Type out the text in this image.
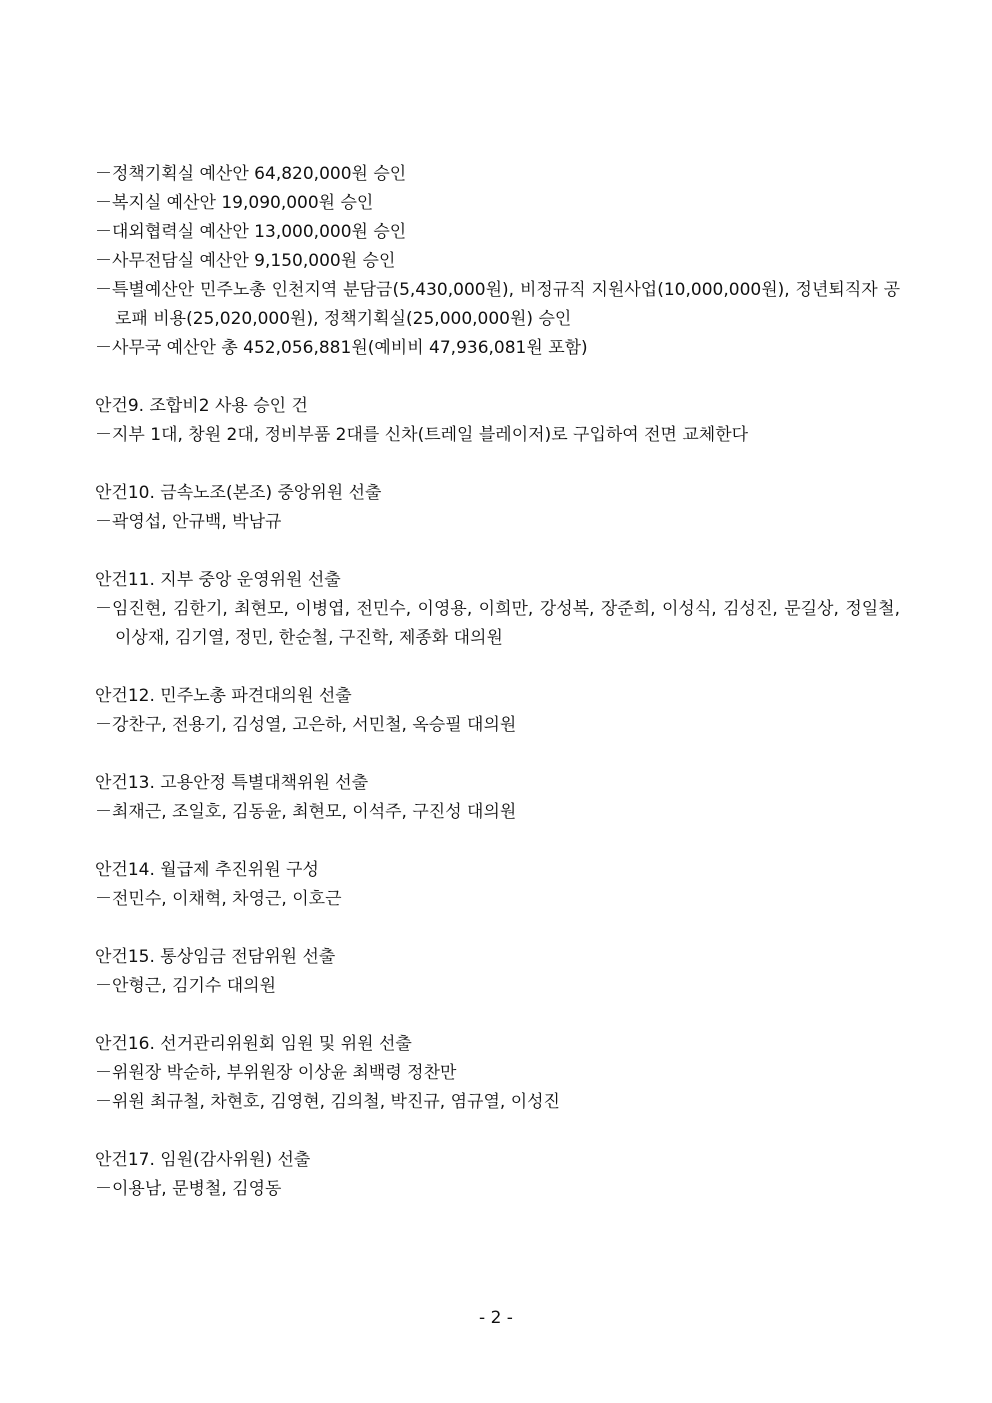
－정책기획실 예산안 64,820,000원 승인

－복지실 예산안 19,090,000원 승인

－대외협력실 예산안 13,000,000원 승인

－사무전담실 예산안 9,150,000원 승인

－특별예산안 민주노총 인천지역 분담금(5,430,000원), 비정규직 지원사업(10,000,000원), 정년퇴직자 공로패 비용(25,020,000원), 정책기획실(25,000,000원) 승인

－사무국 예산안 총 452,056,881원(예비비 47,936,081원 포함)

안건9. 조합비2 사용 승인 건

－지부 1대, 창원 2대, 정비부품 2대를 신차(트레일 블레이저)로 구입하여 전면 교체한다

안건10. 금속노조(본조) 중앙위원 선출

－곽영섭, 안규백, 박남규

안건11. 지부 중앙 운영위원 선출

－임진현, 김한기, 최현모, 이병엽, 전민수, 이영용, 이희만, 강성복, 장준희, 이성식, 김성진, 문길상, 정일철, 이상재, 김기열, 정민, 한순철, 구진학, 제종화 대의원

안건12. 민주노총 파견대의원 선출

－강찬구, 전용기, 김성열, 고은하, 서민철, 옥승필 대의원

안건13. 고용안정 특별대책위원 선출

－최재근, 조일호, 김동윤, 최현모, 이석주, 구진성 대의원

안건14. 월급제 추진위원 구성

－전민수, 이채혁, 차영근, 이호근

안건15. 통상임금 전담위원 선출

－안형근, 김기수 대의원

안건16. 선거관리위원회 임원 및 위원 선출

－위원장 박순하, 부위원장 이상윤 최백령 정찬만

－위원 최규철, 차현호, 김영현, 김의철, 박진규, 염규열, 이성진

안건17. 임원(감사위원) 선출

－이용남, 문병철, 김영동

- 2 -
